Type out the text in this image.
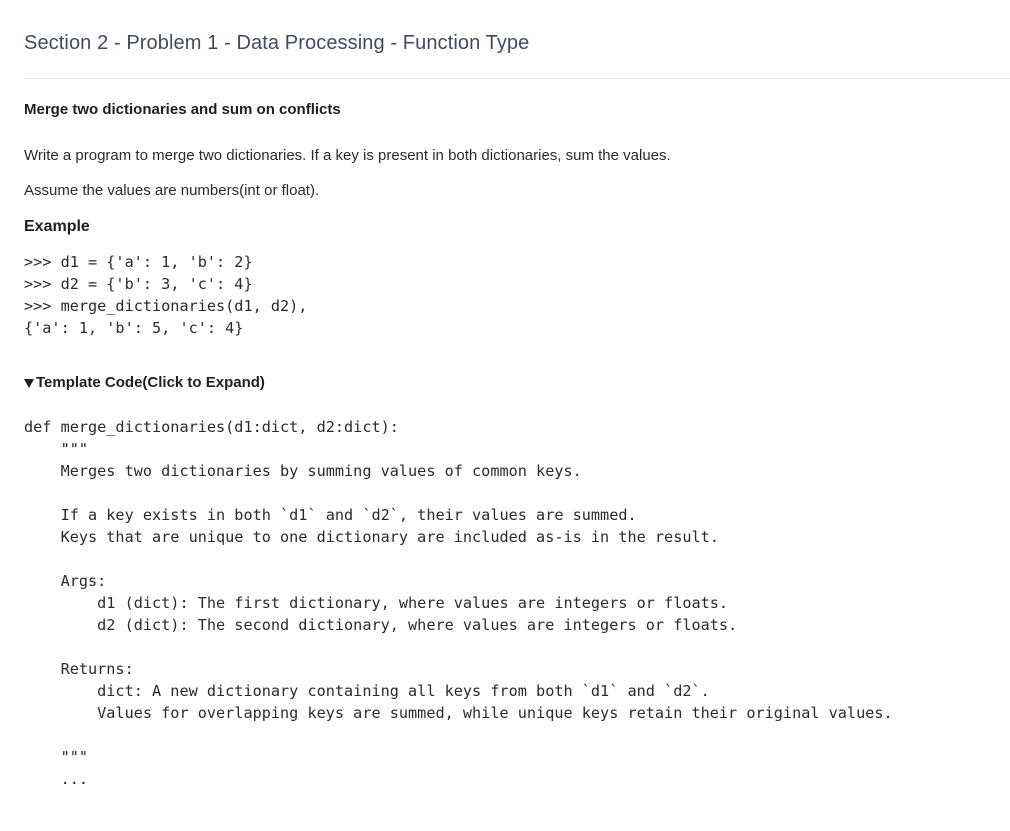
Section 2 - Problem 1 - Data Processing - Function Type
Merge two dictionaries and sum on conflicts

Write a program to merge two dictionaries. If a key is present in both dictionaries, sum the values.

Assume the values are numbers(int or float).

Example
>>> d1 = {'a': 1, 'b': 2}
>>> d2 = {'b': 3, 'c': 4}
>>> merge_dictionaries(d1, d2),
{'a': 1, 'b': 5, 'c': 4}
Template Code(Click to Expand)
def merge_dictionaries(d1:dict, d2:dict):
"""
Merges two dictionaries by summing values of common keys.
If a key exists in both `d1` and `d2`, their values are summed.
Keys that are unique to one dictionary are included as-is in the result.
Args:
d1 (dict): The first dictionary, where values are integers or floats.
d2 (dict): The second dictionary, where values are integers or floats.
Returns:
dict: A new dictionary containing all keys from both `d1` and `d2`.
Values for overlapping keys are summed, while unique keys retain their original values.
"""
...
